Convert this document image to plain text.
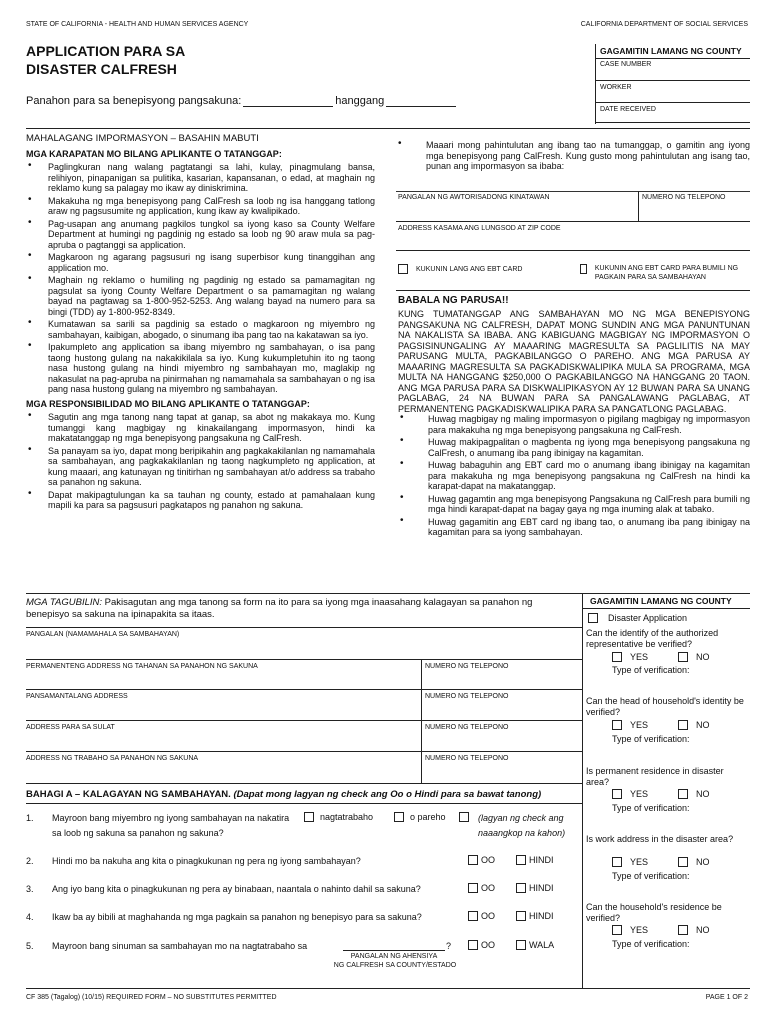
STATE OF CALIFORNIA - HEALTH AND HUMAN SERVICES AGENCY	CALIFORNIA DEPARTMENT OF SOCIAL SERVICES
APPLICATION PARA SA
DISASTER CALFRESH
Panahon para sa benepisyong pangsakuna:	hanggang
GAGAMITIN LAMANG NG COUNTY
CASE NUMBER
WORKER
DATE RECEIVED
MAHALAGANG IMPORMASYON – BASAHIN MABUTI
MGA KARAPATAN MO BILANG APLIKANTE O TATANGGAP:
• Paglingkuran nang walang pagtatangi sa lahi, kulay, pinagmulang bansa, relihiyon, pinapanigan sa pulitika, kasarian, kapansanan, o edad, at maghain ng reklamo kung sa palagay mo ikaw ay diniskrimina.
• Makakuha ng mga benepisyong pang CalFresh sa loob ng isa hanggang tatlong araw ng pagsusumite ng application, kung ikaw ay kwalipikado.
• Pag-usapan ang anumang pagkilos tungkol sa iyong kaso sa County Welfare Department at humingi ng pagdinig ng estado sa loob ng 90 araw mula sa pag-apruba o pagtanggi sa application.
• Magkaroon ng agarang pagsusuri ng isang superbisor kung tinanggihan ang application mo.
• Maghain ng reklamo o humiling ng pagdinig ng estado sa pamamagitan ng pagsulat sa iyong County Welfare Department o sa pamamagitan ng walang bayad na pagtawag sa 1-800-952-5253. Ang walang bayad na numero para sa bingi (TDD) ay 1-800-952-8349.
• Kumatawan sa sarili sa pagdinig sa estado o magkaroon ng miyembro ng sambahayan, kaibigan, abogado, o sinumang iba pang tao na kakatawan sa iyo.
• Ipakumpleto ang application sa ibang miyembro ng sambahayan, o isa pang taong hustong gulang na nakakikilala sa iyo. Kung kukumpletuhin ito ng taong nasa hustong gulang na hindi miyembro ng sambahayan mo, maglakip ng nakasulat na pag-apruba na pinirmahan ng namamahala sa sambahayan o ng isa pang nasa hustong gulang na miyembro ng sambahayan.
MGA RESPONSIBILIDAD MO BILANG APLIKANTE O TATANGGAP:
• Sagutin ang mga tanong nang tapat at ganap, sa abot ng makakaya mo. Kung tumanggi kang magbigay ng kinakailangang impormasyon, hindi ka makatatanggap ng mga benepisyong pangsakuna ng CalFresh.
• Sa panayam sa iyo, dapat mong beripikahin ang pagkakakilanlan ng namamahala sa sambahayan, ang pagkakakilanlan ng taong nagkumpleto ng application, at kung maaari, ang katunayan ng tinitirhan ng sambahayan at/o address sa trabaho sa panahon ng sakuna.
• Dapat makipagtulungan ka sa tauhan ng county, estado at pamahalaan kung mapili ka para sa pagsusuri pagkatapos ng panahon ng sakuna.
• Maaari mong pahintulutan ang ibang tao na tumanggap, o gamitin ang iyong mga benepisyong pang CalFresh. Kung gusto mong pahintulutan ang isang tao, punan ang impormasyon sa ibaba:
PANGALAN NG AWTORISADONG KINATAWAN	NUMERO NG TELEPONO
ADDRESS KASAMA ANG LUNGSOD AT ZIP CODE
KUKUNIN LANG ANG EBT CARD	KUKUNIN ANG EBT CARD PARA BUMILI NG PAGKAIN PARA SA SAMBAHAYAN
BABALA NG PARUSA!!
KUNG TUMATANGGAP ANG SAMBAHAYAN MO NG MGA BENEPISYONG PANGSAKUNA NG CALFRESH, DAPAT MONG SUNDIN ANG MGA PANUNTUNAN NA NAKALISTA SA IBABA. ANG KABIGUANG MAGBIGAY NG IMPORMASYON O PAGSISINUNGALING AY MAAARING MAGRESULTA SA PAGLILITIS NA MAY PARUSANG MULTA, PAGKABILANGGO O PAREHO. ANG MGA PARUSA AY MAAARING MAGRESULTA SA PAGKADISKWALIPIKA MULA SA PROGRAMA, MGA MULTA NA HANGGANG $250,000 O PAGKABILANGGO NA HANGGANG 20 TAON. ANG MGA PARUSA PARA SA DISKWALIPIKASYON AY 12 BUWAN PARA SA UNANG PAGLABAG, 24 NA BUWAN PARA SA PANGALAWANG PAGLABAG, AT PERMANENTENG PAGKADISKWALIPIKA PARA SA PANGATLONG PAGLABAG.
• Huwag magbigay ng maling impormasyon o pigilang magbigay ng impormasyon para makakuha ng mga benepisyong pangsakuna ng CalFresh.
• Huwag makipagpalitan o magbenta ng iyong mga benepisyong pangsakuna ng CalFresh, o anumang iba pang ibinigay na kagamitan.
• Huwag babaguhin ang EBT card mo o anumang ibang ibinigay na kagamitan para makakuha ng mga benepisyong pangsakuna ng CalFresh na hindi ka karapat-dapat na makatanggap.
• Huwag gagamtin ang mga benepisyong Pangsakuna ng CalFresh para bumili ng mga hindi karapat-dapat na bagay gaya ng mga inuming alak at tabako.
• Huwag gagamitin ang EBT card ng ibang tao, o anumang iba pang ibinigay na kagamitan para sa iyong sambahayan.
MGA TAGUBILIN: Pakisagutan ang mga tanong sa form na ito para sa iyong mga inaasahang kalagayan sa panahon ng benepisyo sa sakuna na ipinapakita sa itaas.
PANGALAN (NAMAMAHALA SA SAMBAHAYAN)
PERMANENTENG ADDRESS NG TAHANAN SA PANAHON NG SAKUNA	NUMERO NG TELEPONO
PANSAMANTALANG ADDRESS	NUMERO NG TELEPONO
ADDRESS PARA SA SULAT	NUMERO NG TELEPONO
ADDRESS NG TRABAHO SA PANAHON NG SAKUNA	NUMERO NG TELEPONO
BAHAGI A – KALAGAYAN NG SAMBAHAYAN. (Dapat mong lagyan ng check ang Oo o Hindi para sa bawat tanong)
1. Mayroon bang miyembro ng iyong sambahayan na nakatira
sa loob ng sakuna sa panahon ng sakuna?
nagtatrabaho	o pareho	(lagyan ng check ang
naaangkop na kahon)
2. Hindi mo ba nakuha ang kita o pinagkukunan ng pera ng iyong sambahayan?	OO	HINDI
3. Ang iyo bang kita o pinagkukunan ng pera ay binabaan, naantala o nahinto dahil sa sakuna?	OO	HINDI
4. Ikaw ba ay bibili at maghahanda ng mga pagkain sa panahon ng benepisyo para sa sakuna?	OO	HINDI
5. Mayroon bang sinuman sa sambahayan mo na nagtatrabaho sa	?
PANGALAN NG AHENSIYA
NG CALFRESH SA COUNTY/ESTADO
OO	WALA
GAGAMITIN LAMANG NG COUNTY
Disaster Application
Can the identify of the authorized representative be verified?
YES	NO
Type of verification:
Can the head of household's identity be verified?
YES	NO
Type of verification:
Is permanent residence in disaster area?
YES	NO
Type of verification:
Is work address in the disaster area?
YES	NO
Type of verification:
Can the household's residence be verified?
YES	NO
Type of verification:
CF 385 (Tagalog) (10/15) REQUIRED FORM – NO SUBSTITUTES PERMITTED	PAGE 1 OF 2
